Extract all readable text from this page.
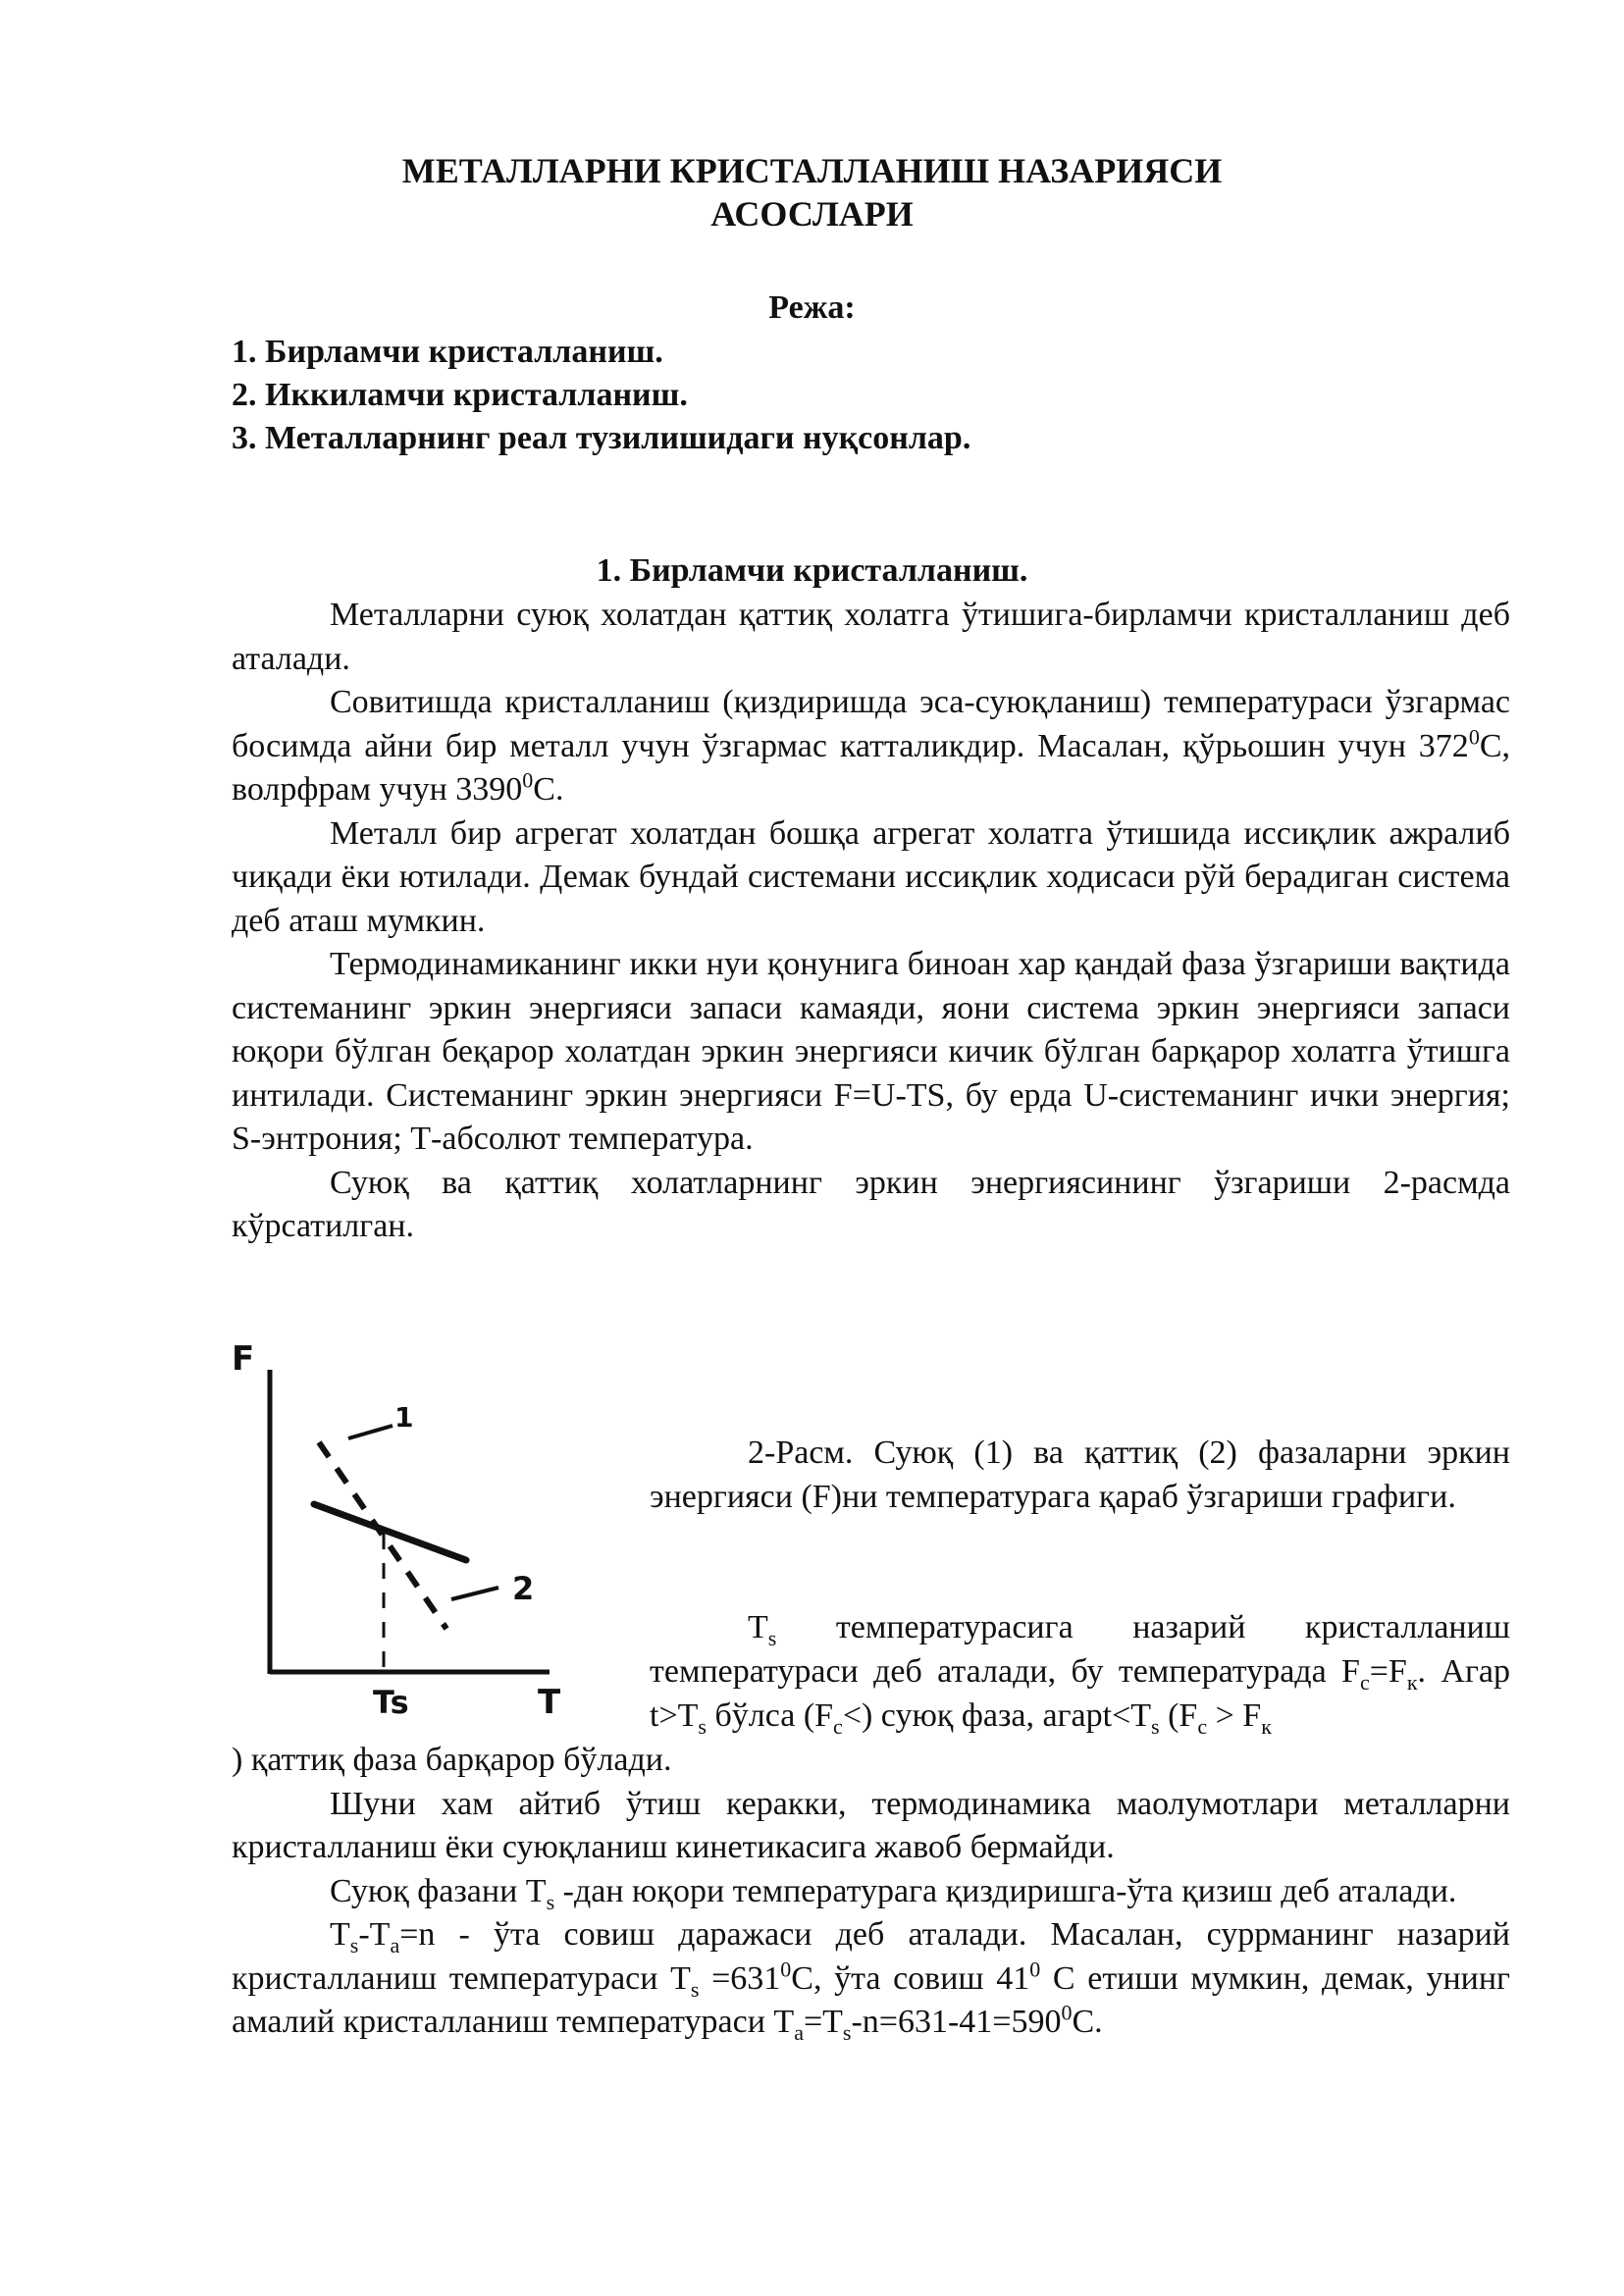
МЕТАЛЛАРНИ КРИСТАЛЛАНИШ НАЗАРИЯСИ
АСОСЛАРИ
Режа:
1. Бирламчи кристалланиш.
2. Иккиламчи кристалланиш.
3. Металларнинг реал тузилишидаги нуқсонлар.
1. Бирламчи кристалланиш.

Металларни суюқ холатдан қаттиқ холатга ўтишига-бирламчи кристалланиш деб аталади.

Совитишда кристалланиш (қиздиришда эса-суюқланиш) температураси ўзгармас босимда айни бир металл учун ўзгармас катталикдир. Масалан, қўрьошин учун $372^0С$, волрфрам учун 3390$^0$С.

Металл бир агрегат холатдан бошқа агрегат холатга ўтишида иссиқлик ажралиб чиқади ёки ютилади. Демак бундай системани иссиқлик ходисаси рўй берадиган система деб аташ мумкин.

Термодинамиканинг икки нуи қонунига биноан хар қандай фаза ўзгариши вақтида системанинг эркин энергияси запаси камаяди, яони система эркин энергияси запаси юқори бўлган беқарор холатдан эркин энергияси кичик бўлган барқарор холатга ўтишга интилади. Системанинг эркин энергияси F=U-TS, бу ерда U-системанинг ички энергия; S-энтрония; Т-абсолют температура.

Суюқ ва қаттиқ холатларнинг эркин энергиясининг ўзгариши 2-расмда кўрсатилган.

F
T
Ts
1
2

2-Расм. Суюқ (1) ва қаттиқ (2) фазаларни эркин энергияси (F)ни температурага қараб ўзгариши графиги.

$Т_s$ температурасига назарий кристалланиш температураси деб аталади, бу температурада $F_c=F_к$. Агар $t>Т_s$ бўлса $(F_c<)$ суюқ фаза, $агарt<Т_s$ ($F_c > F_к$

) қаттиқ фаза барқарор бўлади.

Шуни хам айтиб ўтиш керакки, термодинамика маолумотлари металларни кристалланиш ёки суюқланиш кинетикасига жавоб бермайди.

Суюқ фазани $Т_s$ -дан юқори температурага қиздиришга-ўта қизиш деб аталади.

$Т_s-Т_a=n$ - ўта совиш даражаси деб аталади. Масалан, суррманинг назарий кристалланиш температураси $Т_s =631^0С$, ўта совиш $41^0$ С етиши мумкин, демак, унинг амалий кристалланиш температураси $Т_a=Т_s-n=631-41=590^0С$.
